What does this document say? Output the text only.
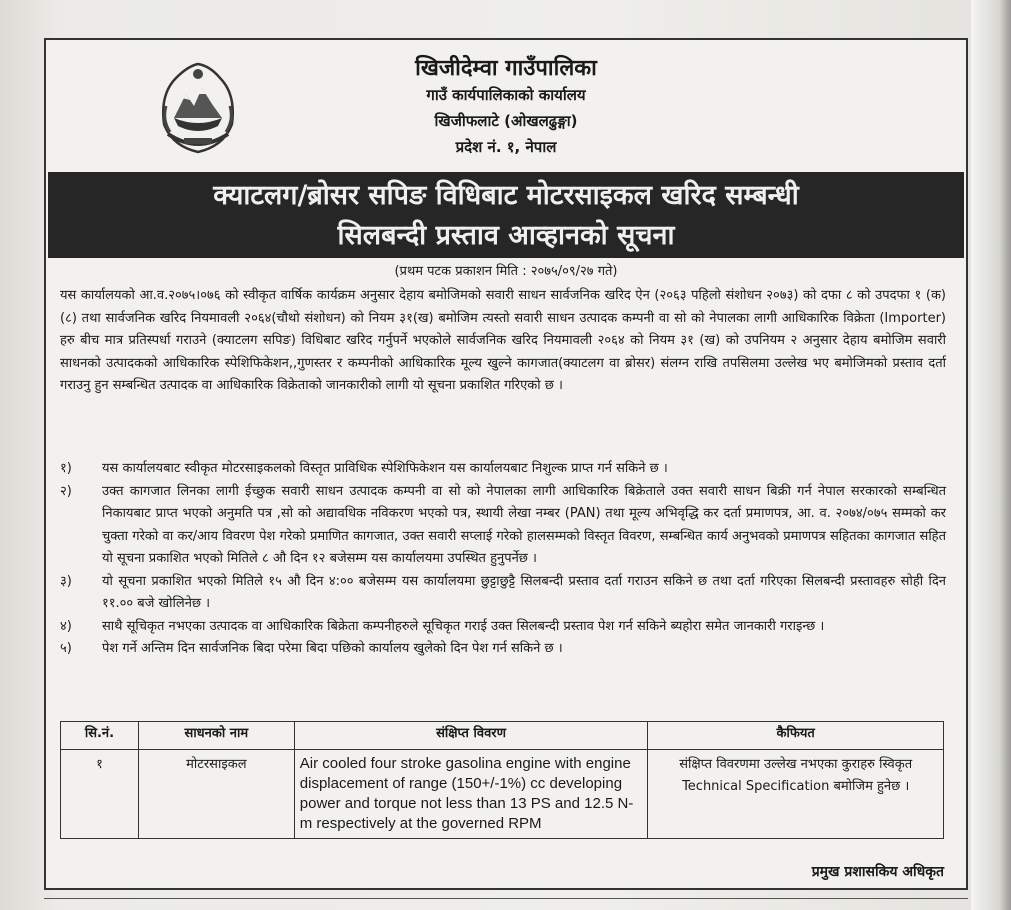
खिजीदेम्वा गाउँपालिका
गाउँ कार्यपालिकाको कार्यालय
खिजीफलाटे (ओखलढुङ्गा)
प्रदेश नं. १, नेपाल
क्याटलग/ब्रोसर सपिङ विधिबाट मोटरसाइकल खरिद सम्बन्धी
सिलबन्दी प्रस्ताव आव्हानको सूचना
(प्रथम पटक प्रकाशन मिति : २०७५/०९/२७ गते)
यस कार्यालयको आ.व.२०७५।०७६ को स्वीकृत वार्षिक कार्यक्रम अनुसार देहाय बमोजिमको सवारी साधन सार्वजनिक खरिद ऐन (२०६३ पहिलो संशोधन २०७३) को दफा ८ को उपदफा १ (क) (८) तथा सार्वजनिक खरिद नियमावली २०६४(चौथो संशोधन) को नियम ३१(ख) बमोजिम त्यस्तो सवारी साधन उत्पादक कम्पनी वा सो को नेपालका लागी आधिकारिक विक्रेता (Importer) हरु बीच मात्र प्रतिस्पर्धा गराउने (क्याटलग सपिङ) विधिबाट खरिद गर्नुपर्ने भएकोले सार्वजनिक खरिद नियमावली २०६४ को नियम ३१ (ख) को उपनियम २ अनुसार देहाय बमोजिम सवारी साधनको उत्पादकको आधिकारिक स्पेशिफिकेशन,,गुणस्तर र कम्पनीको आधिकारिक मूल्य खुल्ने कागजात(क्याटलग वा ब्रोसर) संलग्न राखि तपसिलमा उल्लेख भए बमोजिमको प्रस्ताव दर्ता गराउनु हुन सम्बन्धित उत्पादक वा आधिकारिक विक्रेताको जानकारीको लागी यो सूचना प्रकाशित गरिएको छ ।
१)	यस कार्यालयबाट स्वीकृत मोटरसाइकलको विस्तृत प्राविधिक स्पेशिफिकेशन यस कार्यालयबाट निशुल्क प्राप्त गर्न सकिने छ ।
२)	उक्त कागजात लिनका लागी ईच्छुक सवारी साधन उत्पादक कम्पनी वा सो को नेपालका लागी आधिकारिक बिक्रेताले उक्त सवारी साधन बिक्री गर्न नेपाल सरकारको सम्बन्धित निकायबाट प्राप्त भएको अनुमति पत्र ,सो को अद्यावधिक नविकरण भएको पत्र, स्थायी लेखा नम्बर (PAN) तथा मूल्य अभिवृद्धि कर दर्ता प्रमाणपत्र, आ. व. २०७४/०७५ सम्मको कर चुक्ता गरेको वा कर/आय विवरण पेश गरेको प्रमाणित कागजात, उक्त सवारी सप्लाई गरेको हालसम्मको विस्तृत विवरण, सम्बन्धित कार्य अनुभवको प्रमाणपत्र सहितका कागजात सहित यो सूचना प्रकाशित भएको मितिले ८ औ दिन १२ बजेसम्म यस कार्यालयमा उपस्थित हुनुपर्नेछ ।
३)	यो सूचना प्रकाशित भएको मितिले १५ औ दिन ४:०० बजेसम्म यस कार्यालयमा छुट्टाछुट्टै सिलबन्दी प्रस्ताव दर्ता गराउन सकिने छ तथा दर्ता गरिएका सिलबन्दी प्रस्तावहरु सोही दिन ११.०० बजे खोलिनेछ ।
४)	साथै सूचिकृत नभएका उत्पादक वा आधिकारिक बिक्रेता कम्पनीहरुले सूचिकृत गराई उक्त सिलबन्दी प्रस्ताव पेश गर्न सकिने ब्यहोरा समेत जानकारी गराइन्छ ।
५)	पेश गर्ने अन्तिम दिन सार्वजनिक बिदा परेमा बिदा पछिको कार्यालय खुलेको दिन पेश गर्न सकिने छ ।
सि.नं.	साधनको नाम	संक्षिप्त विवरण	कैफियत
१	मोटरसाइकल	Air cooled four stroke gasolina engine with engine displacement of range (150+/-1%) cc developing power and torque not less than 13 PS and 12.5 N-m respectively at the governed RPM	संक्षिप्त विवरणमा उल्लेख नभएका कुराहरु स्विकृत Technical Specification बमोजिम हुनेछ ।
प्रमुख प्रशासकिय अधिकृत
